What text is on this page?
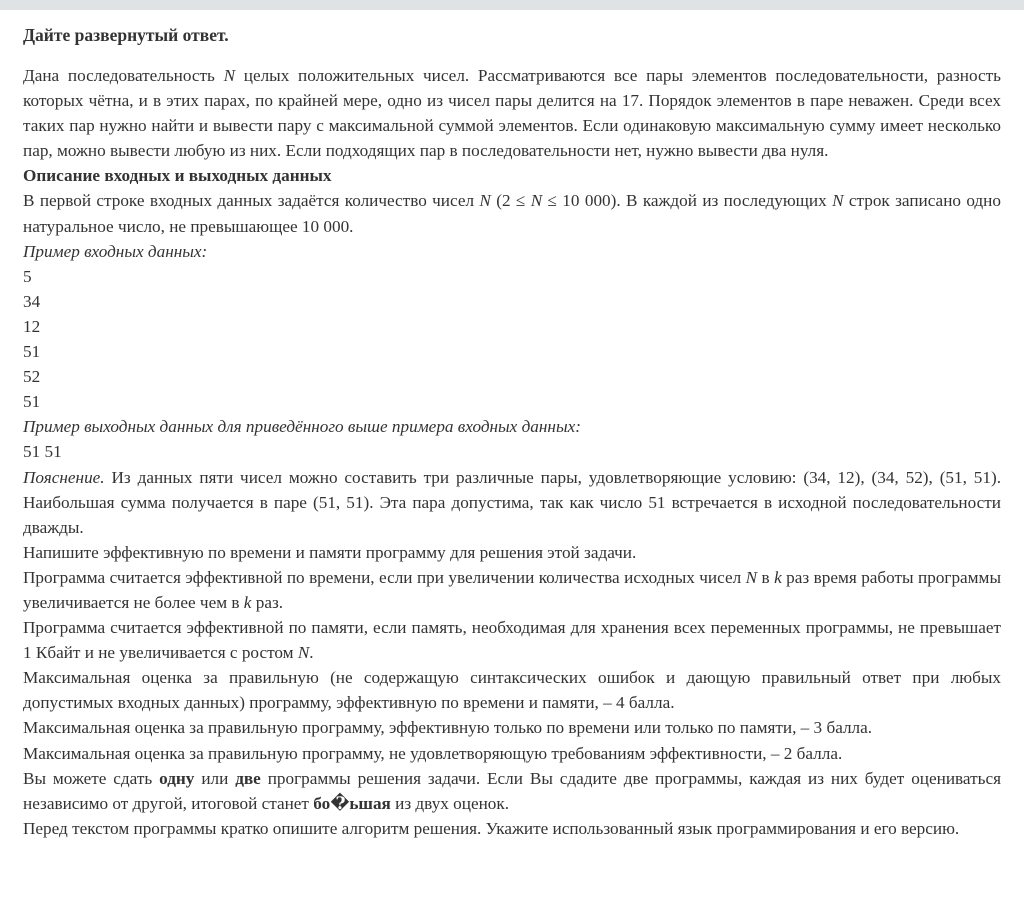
Дайте развернутый ответ.

Дана последовательность N целых положительных чисел. Рассматриваются все пары элементов последовательности, разность которых чётна, и в этих парах, по крайней мере, одно из чисел пары делится на 17. Порядок элементов в паре неважен. Среди всех таких пар нужно найти и вывести пару с максимальной суммой элементов. Если одинаковую максимальную сумму имеет несколько пар, можно вывести любую из них. Если подходящих пар в последовательности нет, нужно вывести два нуля.

Описание входных и выходных данных

В первой строке входных данных задаётся количество чисел N (2 ≤ N ≤ 10 000). В каждой из последующих N строк записано одно натуральное число, не превышающее 10 000.

Пример входных данных:

5

34

12

51

52

51

Пример выходных данных для приведённого выше примера входных данных:

51 51

Пояснение. Из данных пяти чисел можно составить три различные пары, удовлетворяющие условию: (34, 12), (34, 52), (51, 51). Наибольшая сумма получается в паре (51, 51). Эта пара допустима, так как число 51 встречается в исходной последовательности дважды.

Напишите эффективную по времени и памяти программу для решения этой задачи.

Программа считается эффективной по времени, если при увеличении количества исходных чисел N в k раз время работы программы увеличивается не более чем в k раз.

Программа считается эффективной по памяти, если память, необходимая для хранения всех переменных программы, не превышает 1 Кбайт и не увеличивается с ростом N.

Максимальная оценка за правильную (не содержащую синтаксических ошибок и дающую правильный ответ при любых допустимых входных данных) программу, эффективную по времени и памяти, – 4 балла.

Максимальная оценка за правильную программу, эффективную только по времени или только по памяти, – 3 балла.

Максимальная оценка за правильную программу, не удовлетворяющую требованиям эффективности, – 2 балла.

Вы можете сдать одну или две программы решения задачи. Если Вы сдадите две программы, каждая из них будет оцениваться независимо от другой, итоговой станет бо�ьшая из двух оценок.

Перед текстом программы кратко опишите алгоритм решения. Укажите использованный язык программирования и его версию.
